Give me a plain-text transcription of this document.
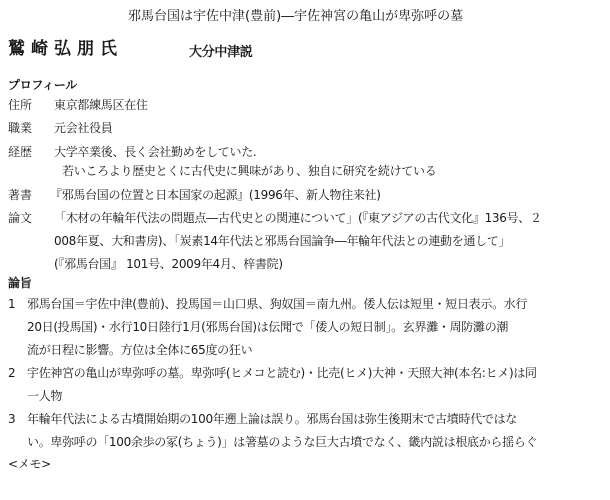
邪馬台国は宇佐中津(豊前)―宇佐神宮の亀山が卑弥呼の墓
鷲崎弘朋氏	大分中津説
プロフィール
住所 東京都練馬区在住
職業 元会社役員
経歴 大学卒業後、長く会社勤めをしていた.
若いころより歴史とくに古代史に興味があり、独自に研究を続けている
著書 『邪馬台国の位置と日本国家の起源』(1996年、新人物往来社)
論文 「木材の年輪年代法の問題点―古代史との関連について」(『東アジアの古代文化』136号、２
008年夏、大和書房)、「炭素14年代法と邪馬台国論争―年輪年代法との連動を通して」
(『邪馬台国』 101号、2009年4月、梓書院)
論旨
1 邪馬台国＝宇佐中津(豊前)、投馬国＝山口県、狗奴国＝南九州。倭人伝は短里・短日表示。水行
20日(投馬国)・水行10日陸行1月(邪馬台国)は伝聞で「倭人の短日制」。玄界灘・周防灘の潮
流が日程に影響。方位は全体に65度の狂い
2 宇佐神宮の亀山が卑弥呼の墓。卑弥呼(ヒメコと読む)・比売(ヒメ)大神・天照大神(本名:ヒメ)は同
一人物
3 年輪年代法による古墳開始期の100年遡上論は誤り。邪馬台国は弥生後期末で古墳時代ではな
い。卑弥呼の「100余歩の冢(ちょう)」は箸墓のような巨大古墳でなく、畿内説は根底から揺らぐ
<メモ>
